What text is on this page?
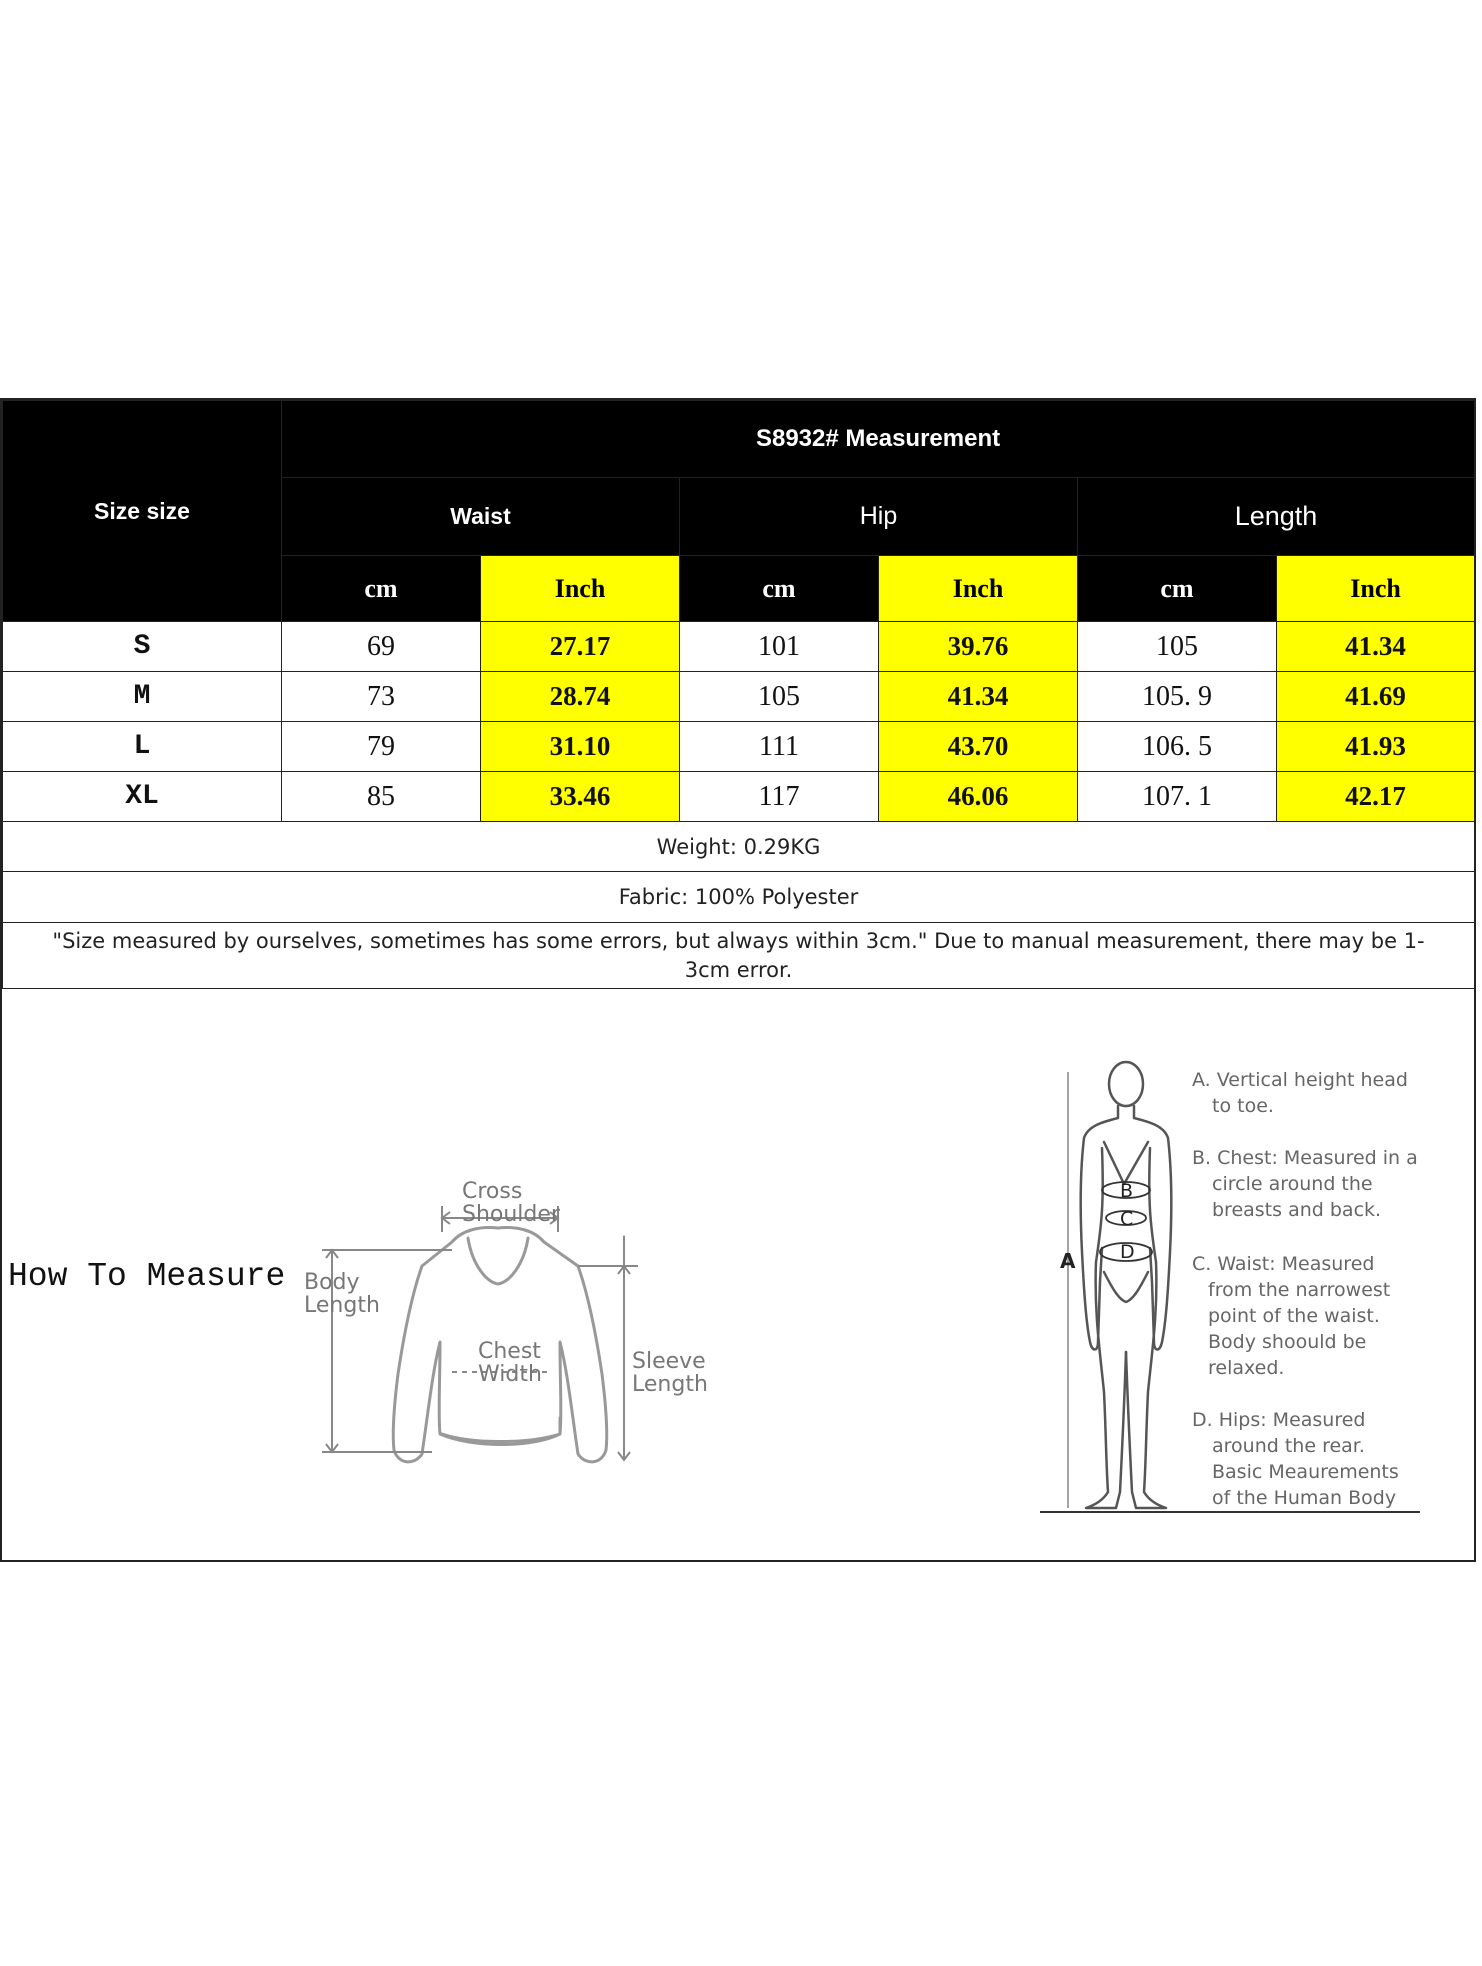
Size size	S8932# Measurement					
	Waist		Hip		Length	
	cm	Inch	cm	Inch	cm	Inch
S	69	27.17	101	39.76	105	41.34
M	73	28.74	105	41.34	105. 9	41.69
L	79	31.10	111	43.70	106. 5	41.93
XL	85	33.46	117	46.06	107. 1	42.17
Weight: 0.29KG						
Fabric: 100% Polyester						
"Size measured by ourselves, sometimes has some errors, but always within 3cm." Due to manual measurement, there may be 1-3cm error.						
How To Measure
Cross
Shoulder
Body
Length
Chest
Width
Sleeve
Length
B
C
D
A
A. Vertical height head
to toe.
B. Chest: Measured in a
circle around the
breasts and back.
C. Waist: Measured
from the narrowest
point of the waist.
Body shoould be
relaxed.
D. Hips: Measured
around the rear.
Basic Meaurements
of the Human Body
